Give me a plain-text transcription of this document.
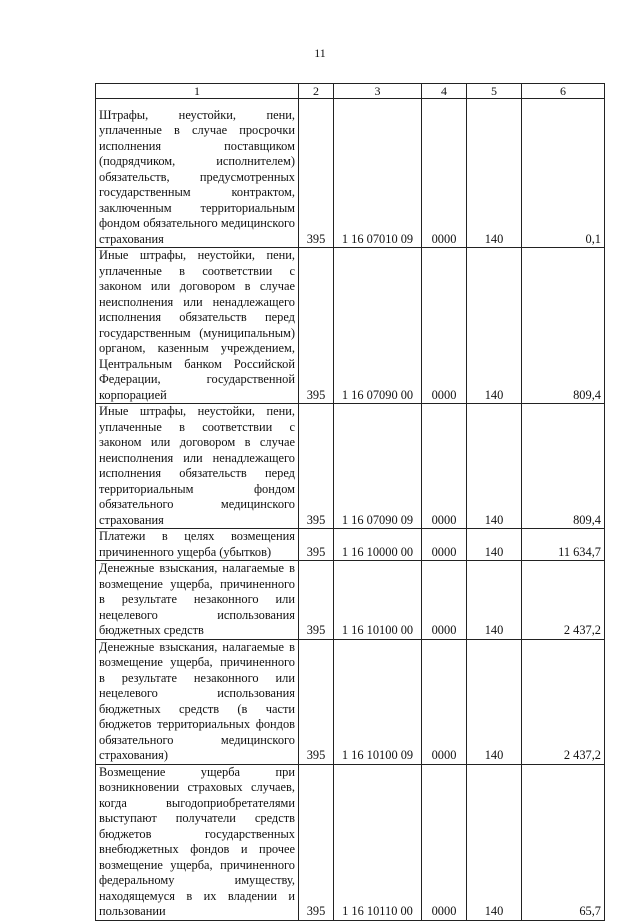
11
1	2	3	4	5	6

Штрафы, неустойки, пени, уплаченные в случае просрочки исполнения поставщиком (подрядчиком, исполнителем) обязательств, предусмотренных государственным контрактом, заключенным территориальным фондом обязательного медицинского страхования	395	1 16 07010 09	0000	140	0,1

Иные штрафы, неустойки, пени, уплаченные в соответствии с законом или договором в случае неисполнения или ненадлежащего исполнения обязательств перед государственным (муниципальным) органом, казенным учреждением, Центральным банком Российской Федерации, государственной корпорацией	395	1 16 07090 00	0000	140	809,4

Иные штрафы, неустойки, пени, уплаченные в соответствии с законом или договором в случае неисполнения или ненадлежащего исполнения обязательств перед территориальным фондом обязательного медицинского страхования	395	1 16 07090 09	0000	140	809,4

Платежи в целях возмещения причиненного ущерба (убытков)	395	1 16 10000 00	0000	140	11 634,7

Денежные взыскания, налагаемые в возмещение ущерба, причиненного в результате незаконного или нецелевого использования бюджетных средств	395	1 16 10100 00	0000	140	2 437,2

Денежные взыскания, налагаемые в возмещение ущерба, причиненного в результате незаконного или нецелевого использования бюджетных средств (в части бюджетов территориальных фондов обязательного медицинского страхования)	395	1 16 10100 09	0000	140	2 437,2

Возмещение ущерба при возникновении страховых случаев, когда выгодоприобретателями выступают получатели средств бюджетов государственных внебюджетных фондов и прочее возмещение ущерба, причиненного федеральному имуществу, находящемуся в их владении и пользовании	395	1 16 10110 00	0000	140	65,7
